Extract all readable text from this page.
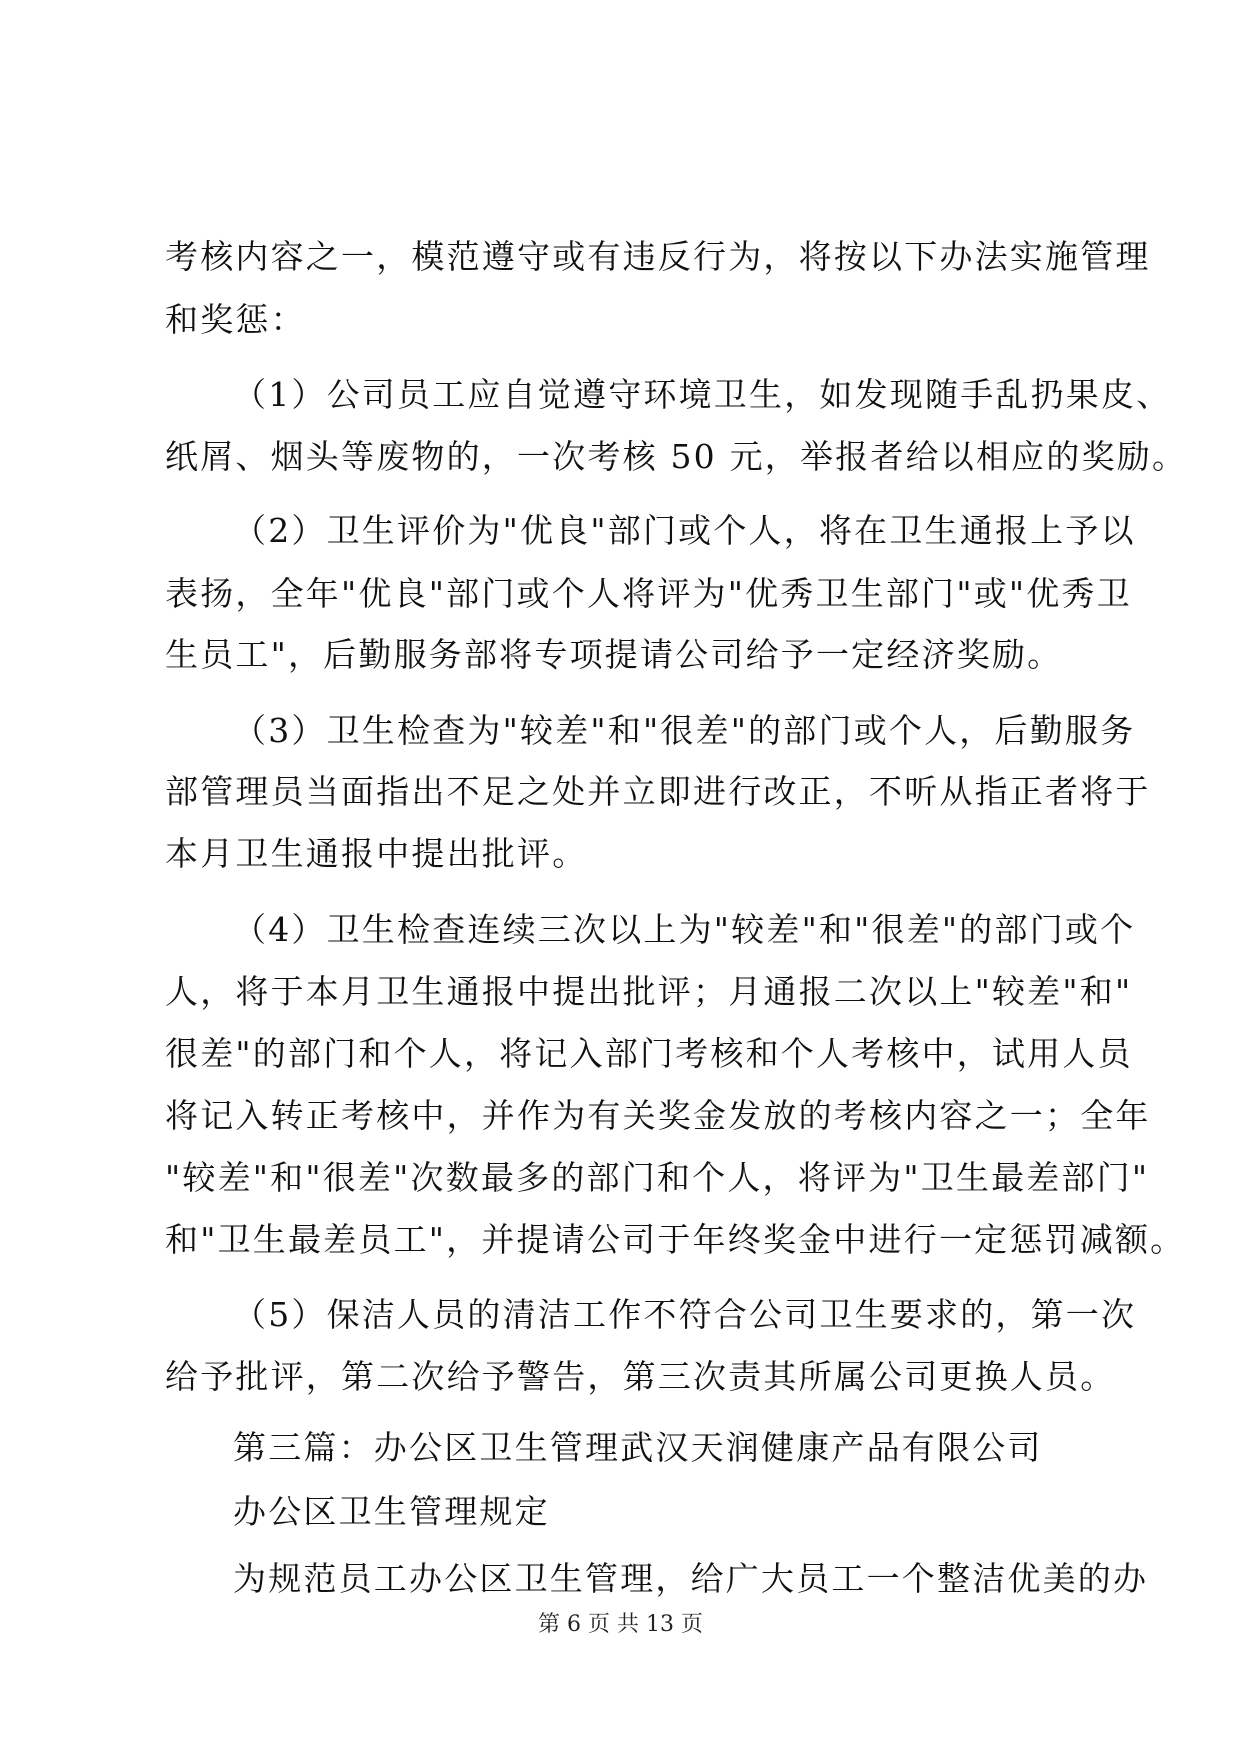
考核内容之一，模范遵守或有违反行为，将按以下办法实施管理
和奖惩：
（1）公司员工应自觉遵守环境卫生，如发现随手乱扔果皮、
纸屑、烟头等废物的，一次考核 50 元，举报者给以相应的奖励。
（2）卫生评价为"优良"部门或个人，将在卫生通报上予以
表扬，全年"优良"部门或个人将评为"优秀卫生部门"或"优秀卫
生员工"，后勤服务部将专项提请公司给予一定经济奖励。
（3）卫生检查为"较差"和"很差"的部门或个人，后勤服务
部管理员当面指出不足之处并立即进行改正，不听从指正者将于
本月卫生通报中提出批评。
（4）卫生检查连续三次以上为"较差"和"很差"的部门或个
人，将于本月卫生通报中提出批评；月通报二次以上"较差"和"
很差"的部门和个人，将记入部门考核和个人考核中，试用人员
将记入转正考核中，并作为有关奖金发放的考核内容之一；全年
"较差"和"很差"次数最多的部门和个人，将评为"卫生最差部门"
和"卫生最差员工"，并提请公司于年终奖金中进行一定惩罚减额。
（5）保洁人员的清洁工作不符合公司卫生要求的，第一次
给予批评，第二次给予警告，第三次责其所属公司更换人员。
第三篇：办公区卫生管理武汉天润健康产品有限公司
办公区卫生管理规定
为规范员工办公区卫生管理，给广大员工一个整洁优美的办
第 6 页 共 13 页
